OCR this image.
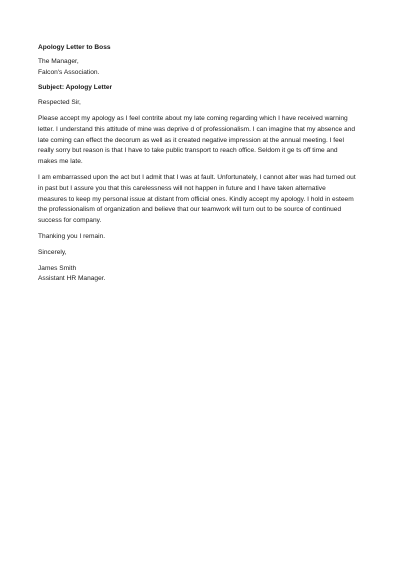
Apology Letter to Boss
The Manager,
Falcon's Association.
Subject: Apology Letter
Respected Sir,
Please accept my apology as I feel contrite about my late coming regarding which I have received warning
letter. I understand this attitude of mine was deprive d of professionalism. I can imagine that my absence and
late coming can effect the decorum as well as it created negative impression at the annual meeting. I feel
really sorry but reason is that I have to take public transport to reach office. Seldom it ge ts off time and
makes me late.
I am embarrassed upon the act but I admit that I was at fault. Unfortunately, I cannot alter was had turned out
in past but I assure you that this carelessness will not happen in future and I have taken alternative
measures to keep my personal issue at distant from official ones. Kindly accept my apology. I hold in esteem
the professionalism of organization and believe that our teamwork will turn out to be source of continued
success for company.
Thanking you I remain.
Sincerely,
James Smith
Assistant HR Manager.
